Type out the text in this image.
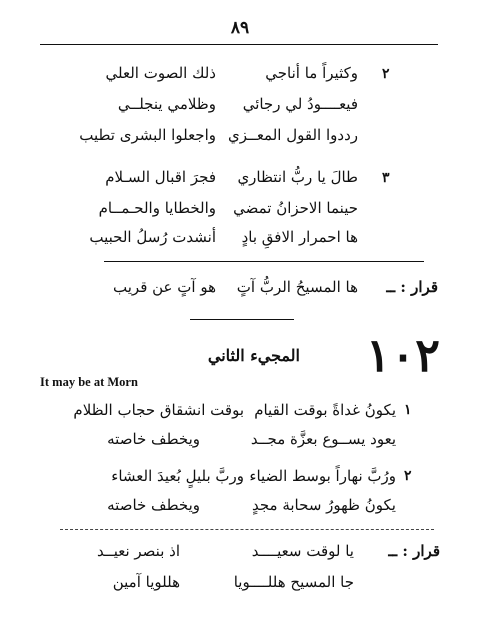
٨٩
٢
وكثيراً ما أناجي
ذلك الصوت العلي
فيعــــودُ لي رجائي
وظلامي ينجلــي
رددوا القول المعــزي
واجعلوا البشرى تطيب
٣
طالَ يا ربُّ انتظاري
فجرَ اقبال السـلام
حينما الاحزانُ تمضي
والخطايا والحـمــام
ها احمرار الافقِ بادٍ
أنشدت رُسلُ الحبيب
قرار : ــ
ها المسيحُ الربُّ آتٍ
هو آتٍ عن قريب
١٠٢
المجيء الثاني
It may be at Morn
١
يكونُ غداةً بوقت القيام
بوقت انشقاق حجاب الظلام
يعود يســوع بعزَّة مجــد
ويخطف خاصته
٢
ورُبَّ نهاراً بوسط الضياء
وربَّ بليلٍ بُعيدَ العشاء
يكونُ ظهورُ سحابة مجدٍ
ويخطف خاصته
قرار : ــ
يا لوقت سعيــــد
اذ بنصر نعيــد
جا المسيح هللــــويا
هللويا آمين
